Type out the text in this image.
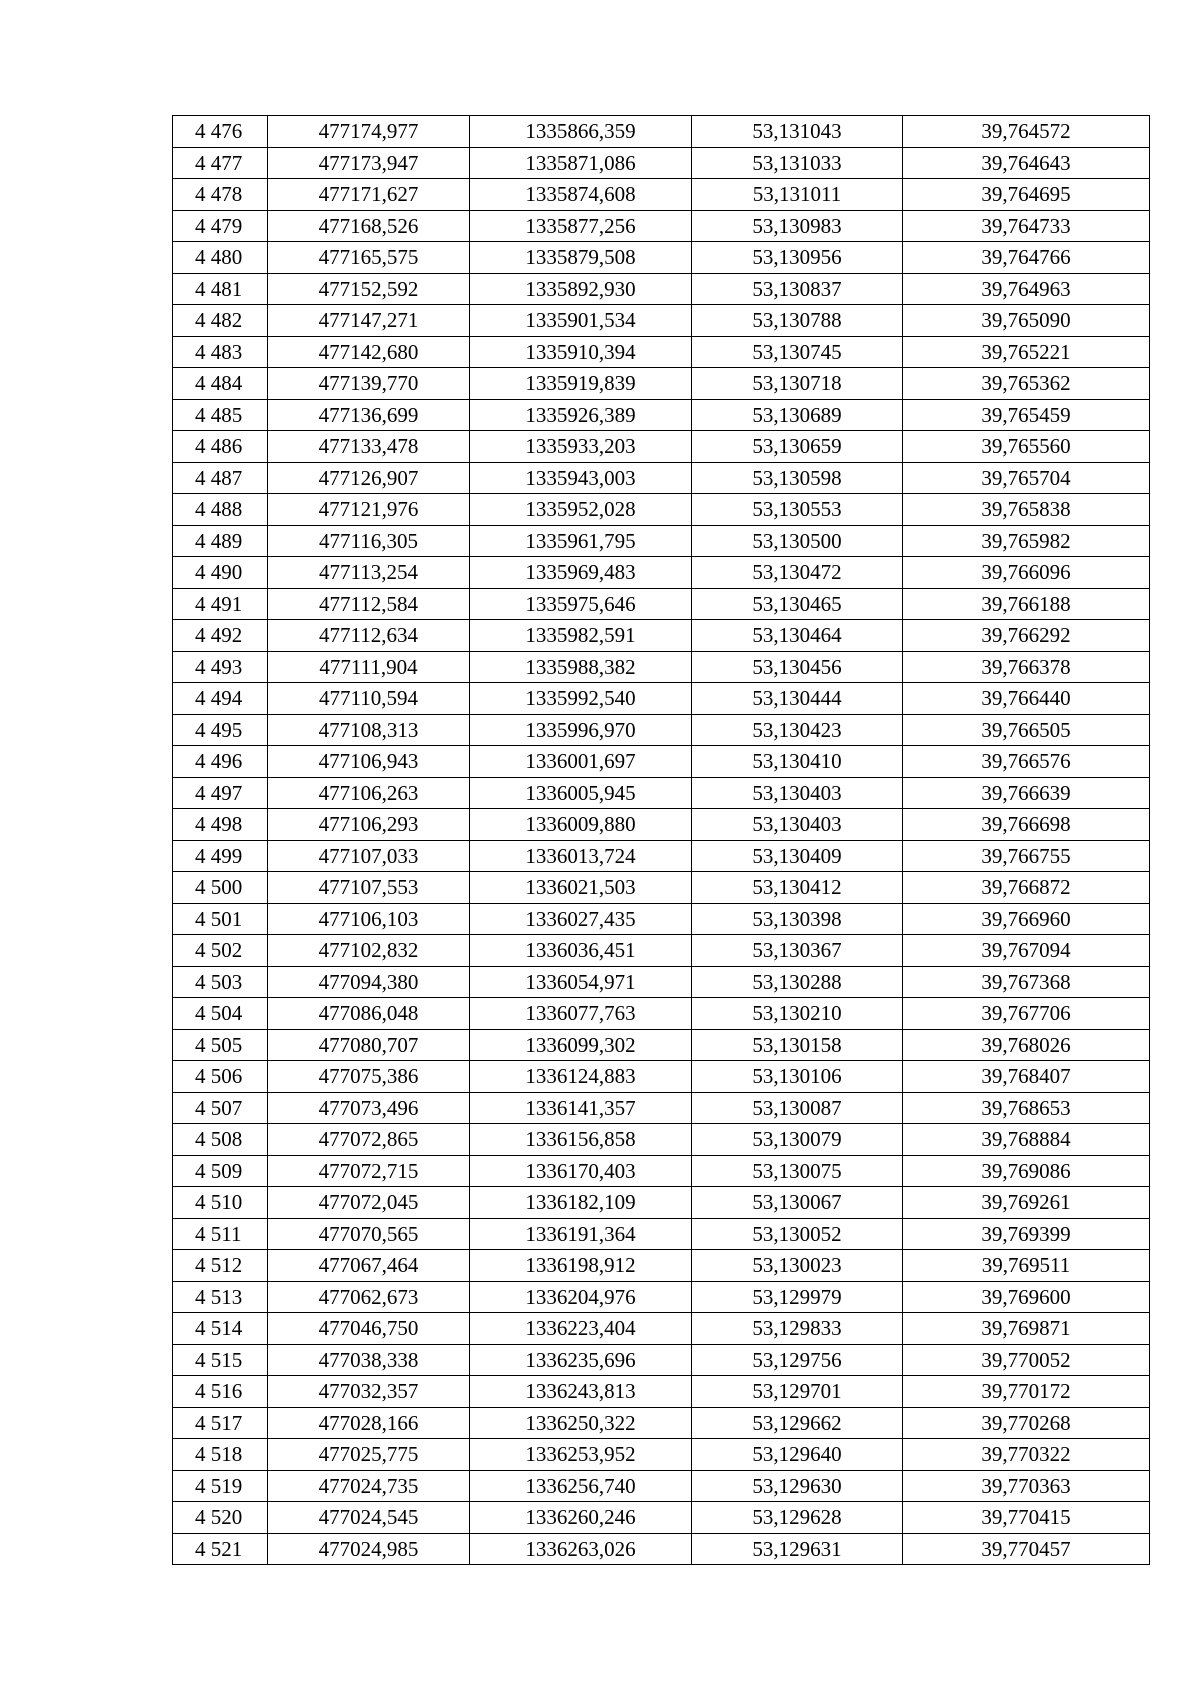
4 476	477174,977	1335866,359	53,131043	39,764572
4 477	477173,947	1335871,086	53,131033	39,764643
4 478	477171,627	1335874,608	53,131011	39,764695
4 479	477168,526	1335877,256	53,130983	39,764733
4 480	477165,575	1335879,508	53,130956	39,764766
4 481	477152,592	1335892,930	53,130837	39,764963
4 482	477147,271	1335901,534	53,130788	39,765090
4 483	477142,680	1335910,394	53,130745	39,765221
4 484	477139,770	1335919,839	53,130718	39,765362
4 485	477136,699	1335926,389	53,130689	39,765459
4 486	477133,478	1335933,203	53,130659	39,765560
4 487	477126,907	1335943,003	53,130598	39,765704
4 488	477121,976	1335952,028	53,130553	39,765838
4 489	477116,305	1335961,795	53,130500	39,765982
4 490	477113,254	1335969,483	53,130472	39,766096
4 491	477112,584	1335975,646	53,130465	39,766188
4 492	477112,634	1335982,591	53,130464	39,766292
4 493	477111,904	1335988,382	53,130456	39,766378
4 494	477110,594	1335992,540	53,130444	39,766440
4 495	477108,313	1335996,970	53,130423	39,766505
4 496	477106,943	1336001,697	53,130410	39,766576
4 497	477106,263	1336005,945	53,130403	39,766639
4 498	477106,293	1336009,880	53,130403	39,766698
4 499	477107,033	1336013,724	53,130409	39,766755
4 500	477107,553	1336021,503	53,130412	39,766872
4 501	477106,103	1336027,435	53,130398	39,766960
4 502	477102,832	1336036,451	53,130367	39,767094
4 503	477094,380	1336054,971	53,130288	39,767368
4 504	477086,048	1336077,763	53,130210	39,767706
4 505	477080,707	1336099,302	53,130158	39,768026
4 506	477075,386	1336124,883	53,130106	39,768407
4 507	477073,496	1336141,357	53,130087	39,768653
4 508	477072,865	1336156,858	53,130079	39,768884
4 509	477072,715	1336170,403	53,130075	39,769086
4 510	477072,045	1336182,109	53,130067	39,769261
4 511	477070,565	1336191,364	53,130052	39,769399
4 512	477067,464	1336198,912	53,130023	39,769511
4 513	477062,673	1336204,976	53,129979	39,769600
4 514	477046,750	1336223,404	53,129833	39,769871
4 515	477038,338	1336235,696	53,129756	39,770052
4 516	477032,357	1336243,813	53,129701	39,770172
4 517	477028,166	1336250,322	53,129662	39,770268
4 518	477025,775	1336253,952	53,129640	39,770322
4 519	477024,735	1336256,740	53,129630	39,770363
4 520	477024,545	1336260,246	53,129628	39,770415
4 521	477024,985	1336263,026	53,129631	39,770457
